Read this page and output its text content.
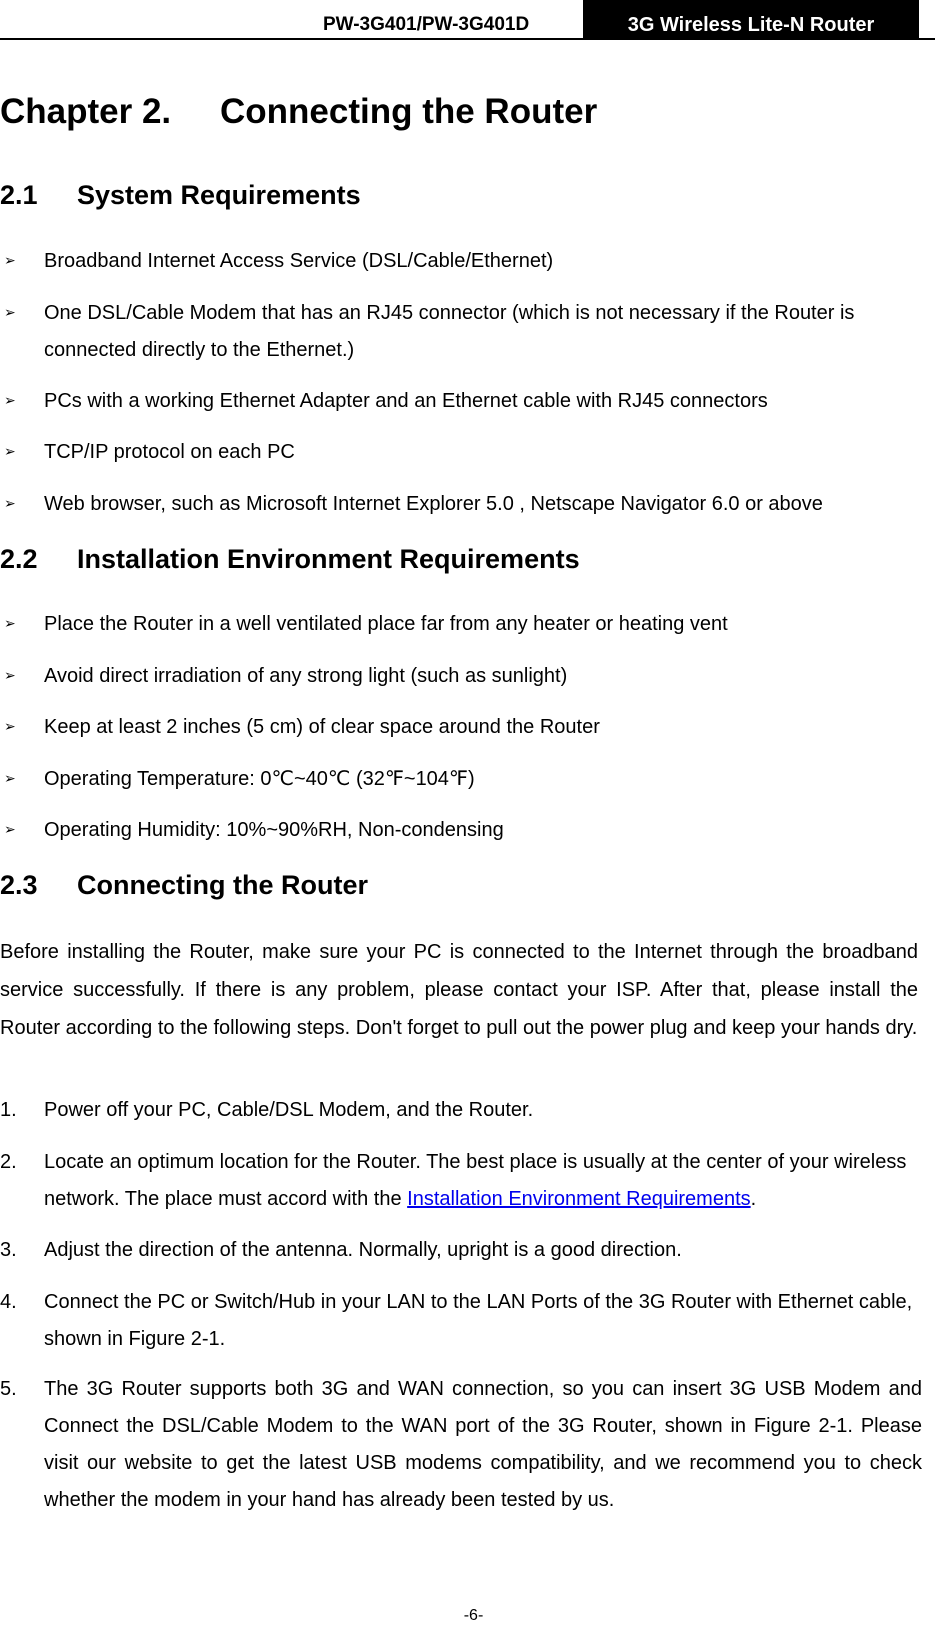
PW-3G401/PW-3G401D	3G Wireless Lite-N Router
Chapter 2. Connecting the Router
2.1 System Requirements
➢ Broadband Internet Access Service (DSL/Cable/Ethernet)
➢ One DSL/Cable Modem that has an RJ45 connector (which is not necessary if the Router is connected directly to the Ethernet.)
➢ PCs with a working Ethernet Adapter and an Ethernet cable with RJ45 connectors
➢ TCP/IP protocol on each PC
➢ Web browser, such as Microsoft Internet Explorer 5.0 , Netscape Navigator 6.0 or above
2.2 Installation Environment Requirements
➢ Place the Router in a well ventilated place far from any heater or heating vent
➢ Avoid direct irradiation of any strong light (such as sunlight)
➢ Keep at least 2 inches (5 cm) of clear space around the Router
➢ Operating Temperature: 0℃~40℃ (32℉~104℉)
➢ Operating Humidity: 10%~90%RH, Non-condensing
2.3 Connecting the Router
Before installing the Router, make sure your PC is connected to the Internet through the broadband service successfully. If there is any problem, please contact your ISP. After that, please install the Router according to the following steps. Don't forget to pull out the power plug and keep your hands dry.
1. Power off your PC, Cable/DSL Modem, and the Router.
2. Locate an optimum location for the Router. The best place is usually at the center of your wireless network. The place must accord with the Installation Environment Requirements.
3. Adjust the direction of the antenna. Normally, upright is a good direction.
4. Connect the PC or Switch/Hub in your LAN to the LAN Ports of the 3G Router with Ethernet cable, shown in Figure 2-1.
5. The 3G Router supports both 3G and WAN connection, so you can insert 3G USB Modem and Connect the DSL/Cable Modem to the WAN port of the 3G Router, shown in Figure 2-1. Please visit our website to get the latest USB modems compatibility, and we recommend you to check whether the modem in your hand has already been tested by us.
-6-
